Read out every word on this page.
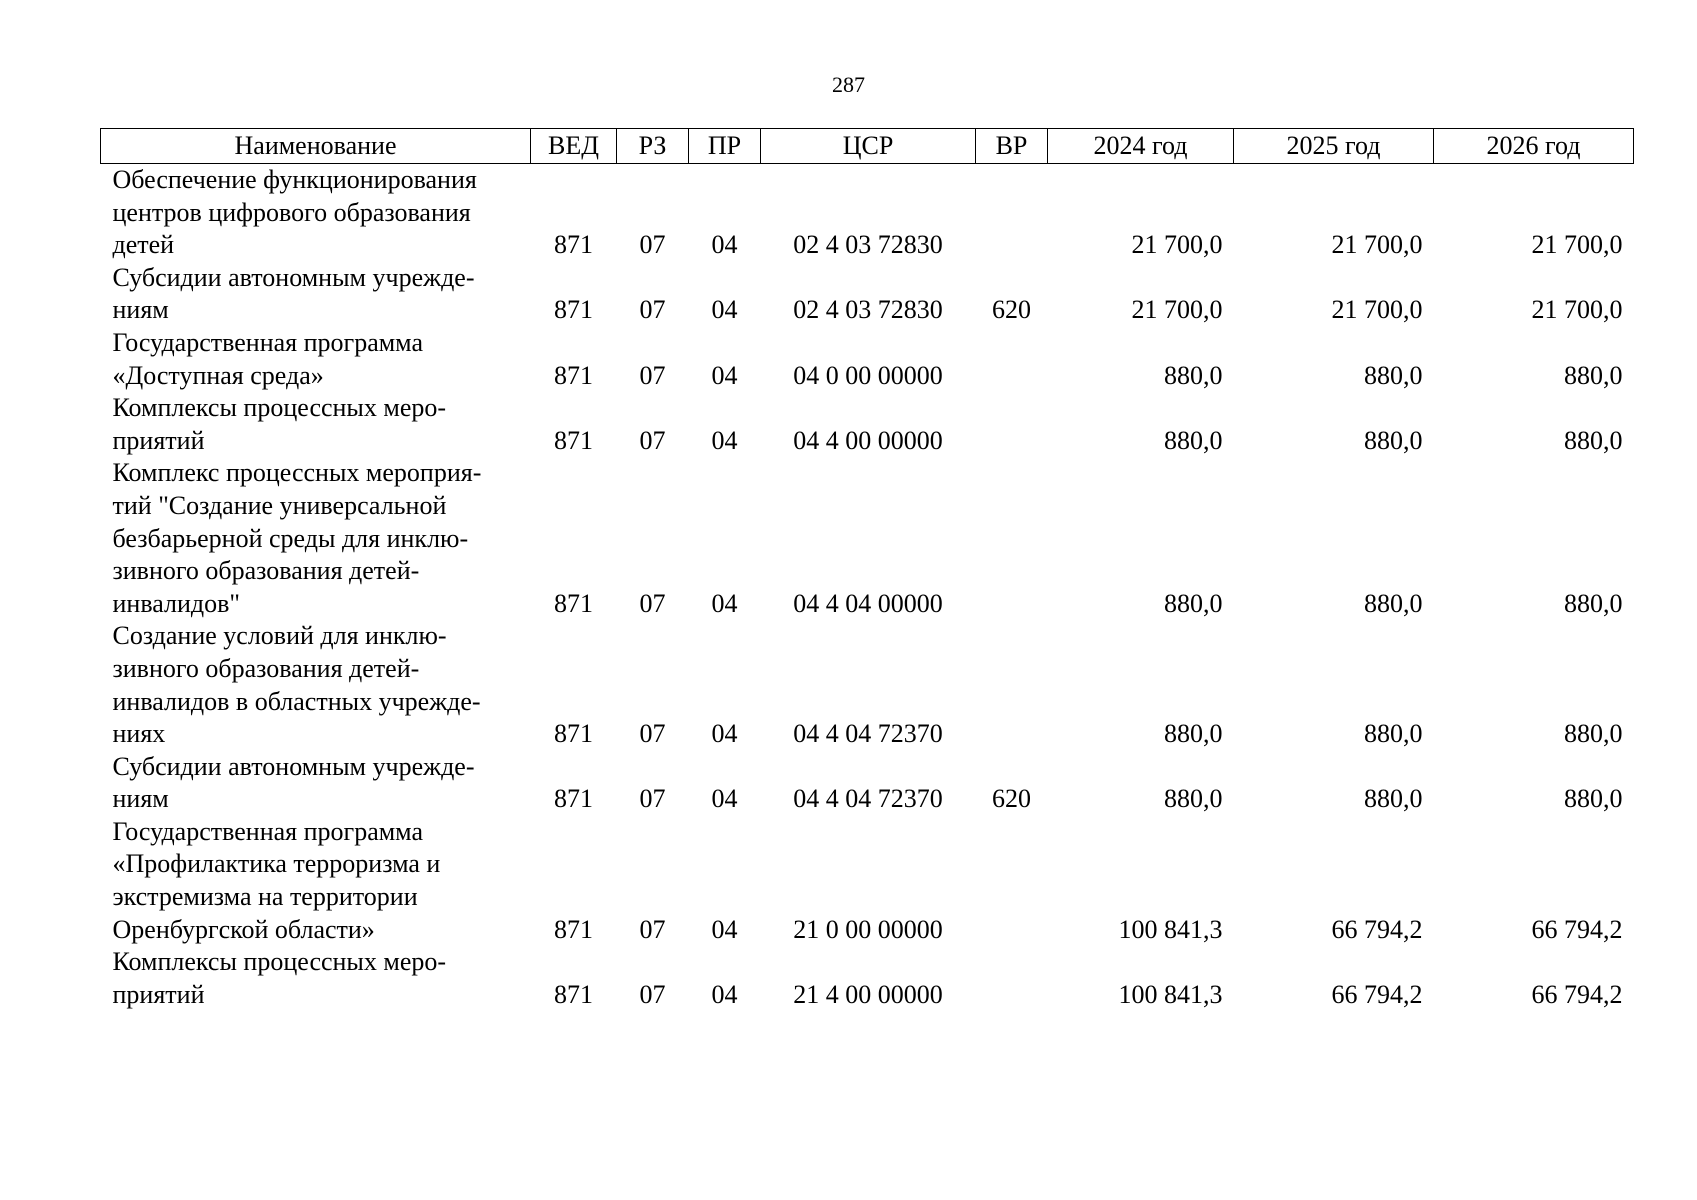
287
Наименование	ВЕД	РЗ	ПР	ЦСР	ВР	2024 год	2025 год	2026 год

Обеспечение функционирования
центров цифрового образования
детей	871	07	04	02 4 03 72830		21 700,0	21 700,0	21 700,0

Субсидии автономным учрежде-
ниям	871	07	04	02 4 03 72830	620	21 700,0	21 700,0	21 700,0

Государственная программа
«Доступная среда»	871	07	04	04 0 00 00000		880,0	880,0	880,0

Комплексы процессных меро-
приятий	871	07	04	04 4 00 00000		880,0	880,0	880,0

Комплекс процессных мероприя-
тий "Создание универсальной
безбарьерной среды для инклю-
зивного образования детей-
инвалидов"	871	07	04	04 4 04 00000		880,0	880,0	880,0

Создание условий для инклю-
зивного образования детей-
инвалидов в областных учрежде-
ниях	871	07	04	04 4 04 72370		880,0	880,0	880,0

Субсидии автономным учрежде-
ниям	871	07	04	04 4 04 72370	620	880,0	880,0	880,0

Государственная программа
«Профилактика терроризма и
экстремизма на территории
Оренбургской области»	871	07	04	21 0 00 00000		100 841,3	66 794,2	66 794,2

Комплексы процессных меро-
приятий	871	07	04	21 4 00 00000		100 841,3	66 794,2	66 794,2
